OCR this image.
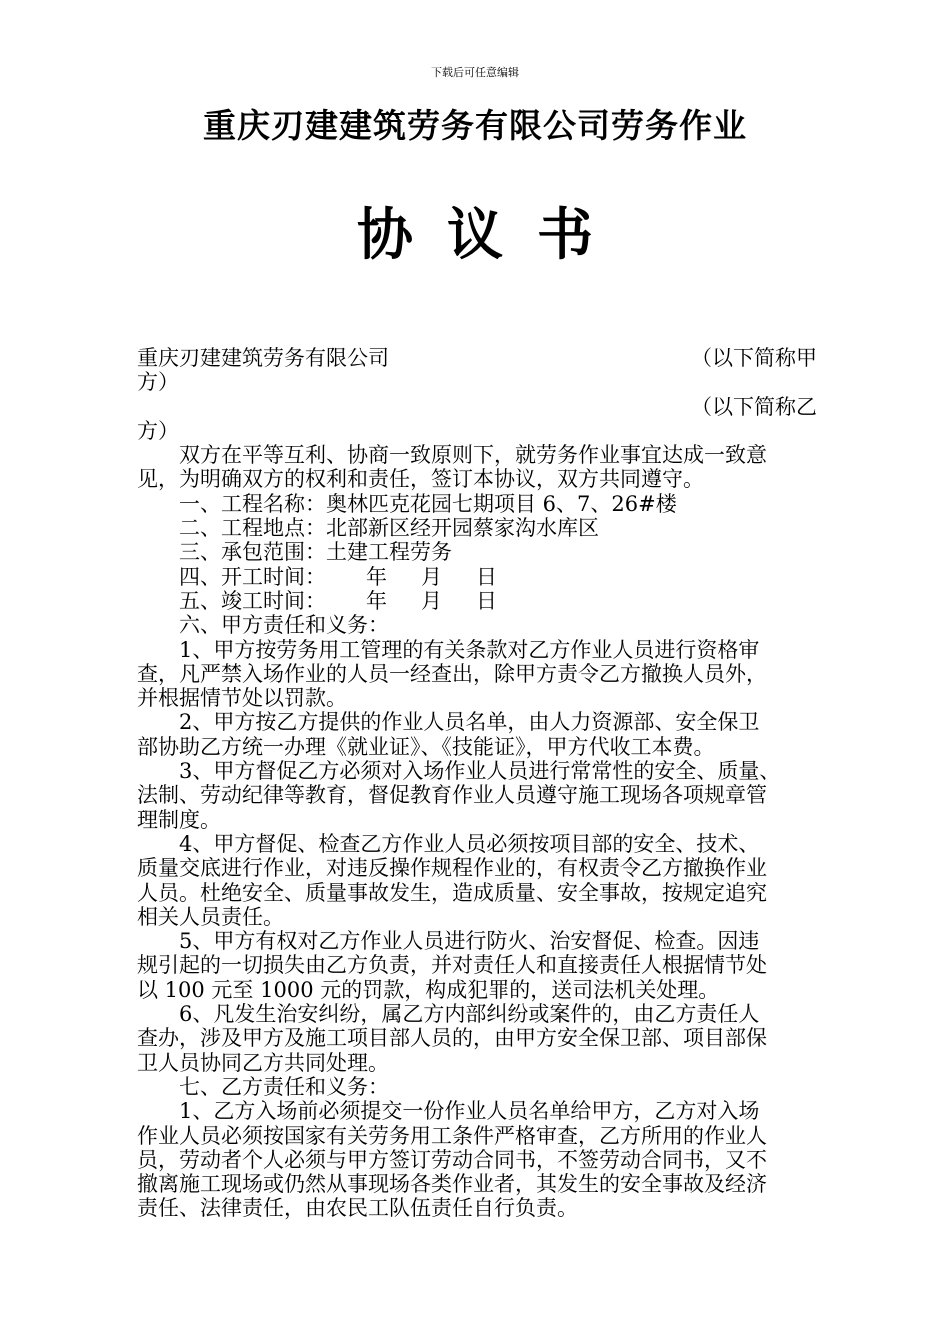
下载后可任意编辑
重庆刃建建筑劳务有限公司劳务作业
协议书
重庆刃建建筑劳务有限公司	（以下简称甲
方）
（以下简称乙
方）
双方在平等互利、协商一致原则下，就劳务作业事宜达成一致意
见，为明确双方的权利和责任，签订本协议，双方共同遵守。
一、工程名称：奥林匹克花园七期项目 6、7、26#楼
二、工程地点：北部新区经开园蔡家沟水库区
三、承包范围：土建工程劳务
四、开工时间： 年 月 日
五、竣工时间： 年 月 日
六、甲方责任和义务：
1、甲方按劳务用工管理的有关条款对乙方作业人员进行资格审
查，凡严禁入场作业的人员一经查出，除甲方责令乙方撤换人员外，
并根据情节处以罚款。
2、甲方按乙方提供的作业人员名单，由人力资源部、安全保卫
部协助乙方统一办理《就业证》、《技能证》，甲方代收工本费。
3、甲方督促乙方必须对入场作业人员进行常常性的安全、质量、
法制、劳动纪律等教育，督促教育作业人员遵守施工现场各项规章管
理制度。
4、甲方督促、检查乙方作业人员必须按项目部的安全、技术、
质量交底进行作业，对违反操作规程作业的，有权责令乙方撤换作业
人员。杜绝安全、质量事故发生，造成质量、安全事故，按规定追究
相关人员责任。
5、甲方有权对乙方作业人员进行防火、治安督促、检查。因违
规引起的一切损失由乙方负责，并对责任人和直接责任人根据情节处
以 100 元至 1000 元的罚款，构成犯罪的，送司法机关处理。
6、凡发生治安纠纷，属乙方内部纠纷或案件的，由乙方责任人
查办，涉及甲方及施工项目部人员的，由甲方安全保卫部、项目部保
卫人员协同乙方共同处理。
七、乙方责任和义务：
1、乙方入场前必须提交一份作业人员名单给甲方，乙方对入场
作业人员必须按国家有关劳务用工条件严格审查，乙方所用的作业人
员，劳动者个人必须与甲方签订劳动合同书，不签劳动合同书，又不
撤离施工现场或仍然从事现场各类作业者，其发生的安全事故及经济
责任、法律责任，由农民工队伍责任自行负责。
